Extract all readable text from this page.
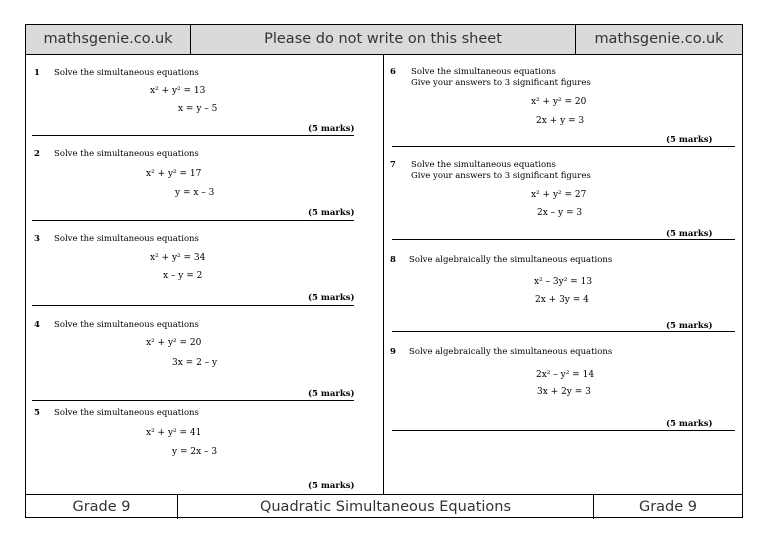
mathsgenie.co.uk	Please do not write on this sheet	mathsgenie.co.uk
1 Solve the simultaneous equations
x² + y² = 13
x = y – 5
(5 marks)
2 Solve the simultaneous equations
x² + y² = 17
y = x – 3
(5 marks)
3 Solve the simultaneous equations
x² + y² = 34
x – y = 2
(5 marks)
4 Solve the simultaneous equations
x² + y² = 20
3x = 2 – y
(5 marks)
5 Solve the simultaneous equations
x² + y² = 41
y = 2x – 3
(5 marks)
6 Solve the simultaneous equations
Give your answers to 3 significant figures
x² + y² = 20
2x + y = 3
(5 marks)
7 Solve the simultaneous equations
Give your answers to 3 significant figures
x² + y² = 27
2x – y = 3
(5 marks)
8 Solve algebraically the simultaneous equations
x² – 3y² = 13
2x + 3y = 4
(5 marks)
9 Solve algebraically the simultaneous equations
2x² – y² = 14
3x + 2y = 3
(5 marks)
Grade 9	Quadratic Simultaneous Equations	Grade 9
